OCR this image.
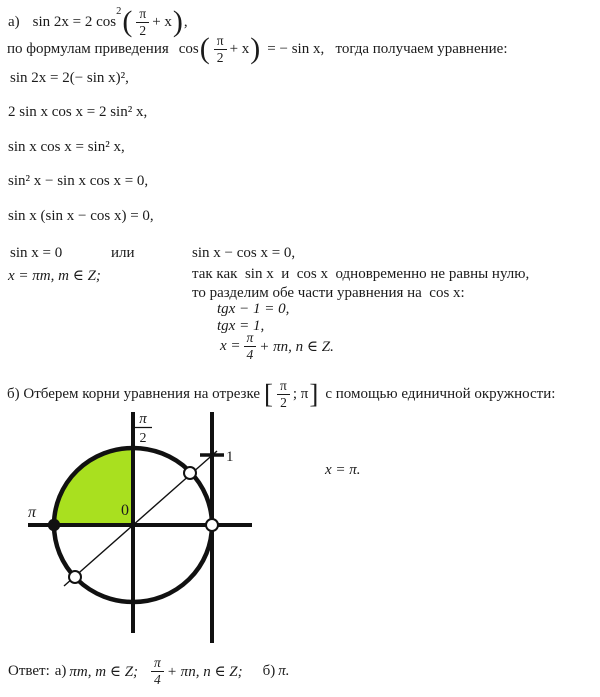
а) sin 2x = 2 cos
2 ( $\frac{\pi}{2} + x$ ) ,
по формулам приведения cos ( $\frac{\pi}{2} + x$ ) = − sin x,   тогда получаем уравнение:
sin 2x = 2(− sin x)²,
2 sin x cos x = 2 sin² x,
sin x cos x = sin² x,
sin² x − sin x cos x = 0,
sin x (sin x − cos x) = 0,
sin x = 0	или	sin x − cos x = 0,
x = πm, m ∈ Z;	так как  sin x  и  cos x  одновременно не равны нулю,
то разделим обе части уравнения на  cos x:
tgx − 1 = 0,
tgx = 1,
$x = \frac{\pi}{4} + \pi n$, n ∈ Z.
б) Отберем корни уравнения на отрезке [ $\frac{\pi}{2}$ ; π ] с помощью единичной окружности:
π
2
0
π
1
x = π.
Ответ: а) πm, m ∈ Z; $\frac{\pi}{4} + \pi n$, n ∈ Z; б) π.
